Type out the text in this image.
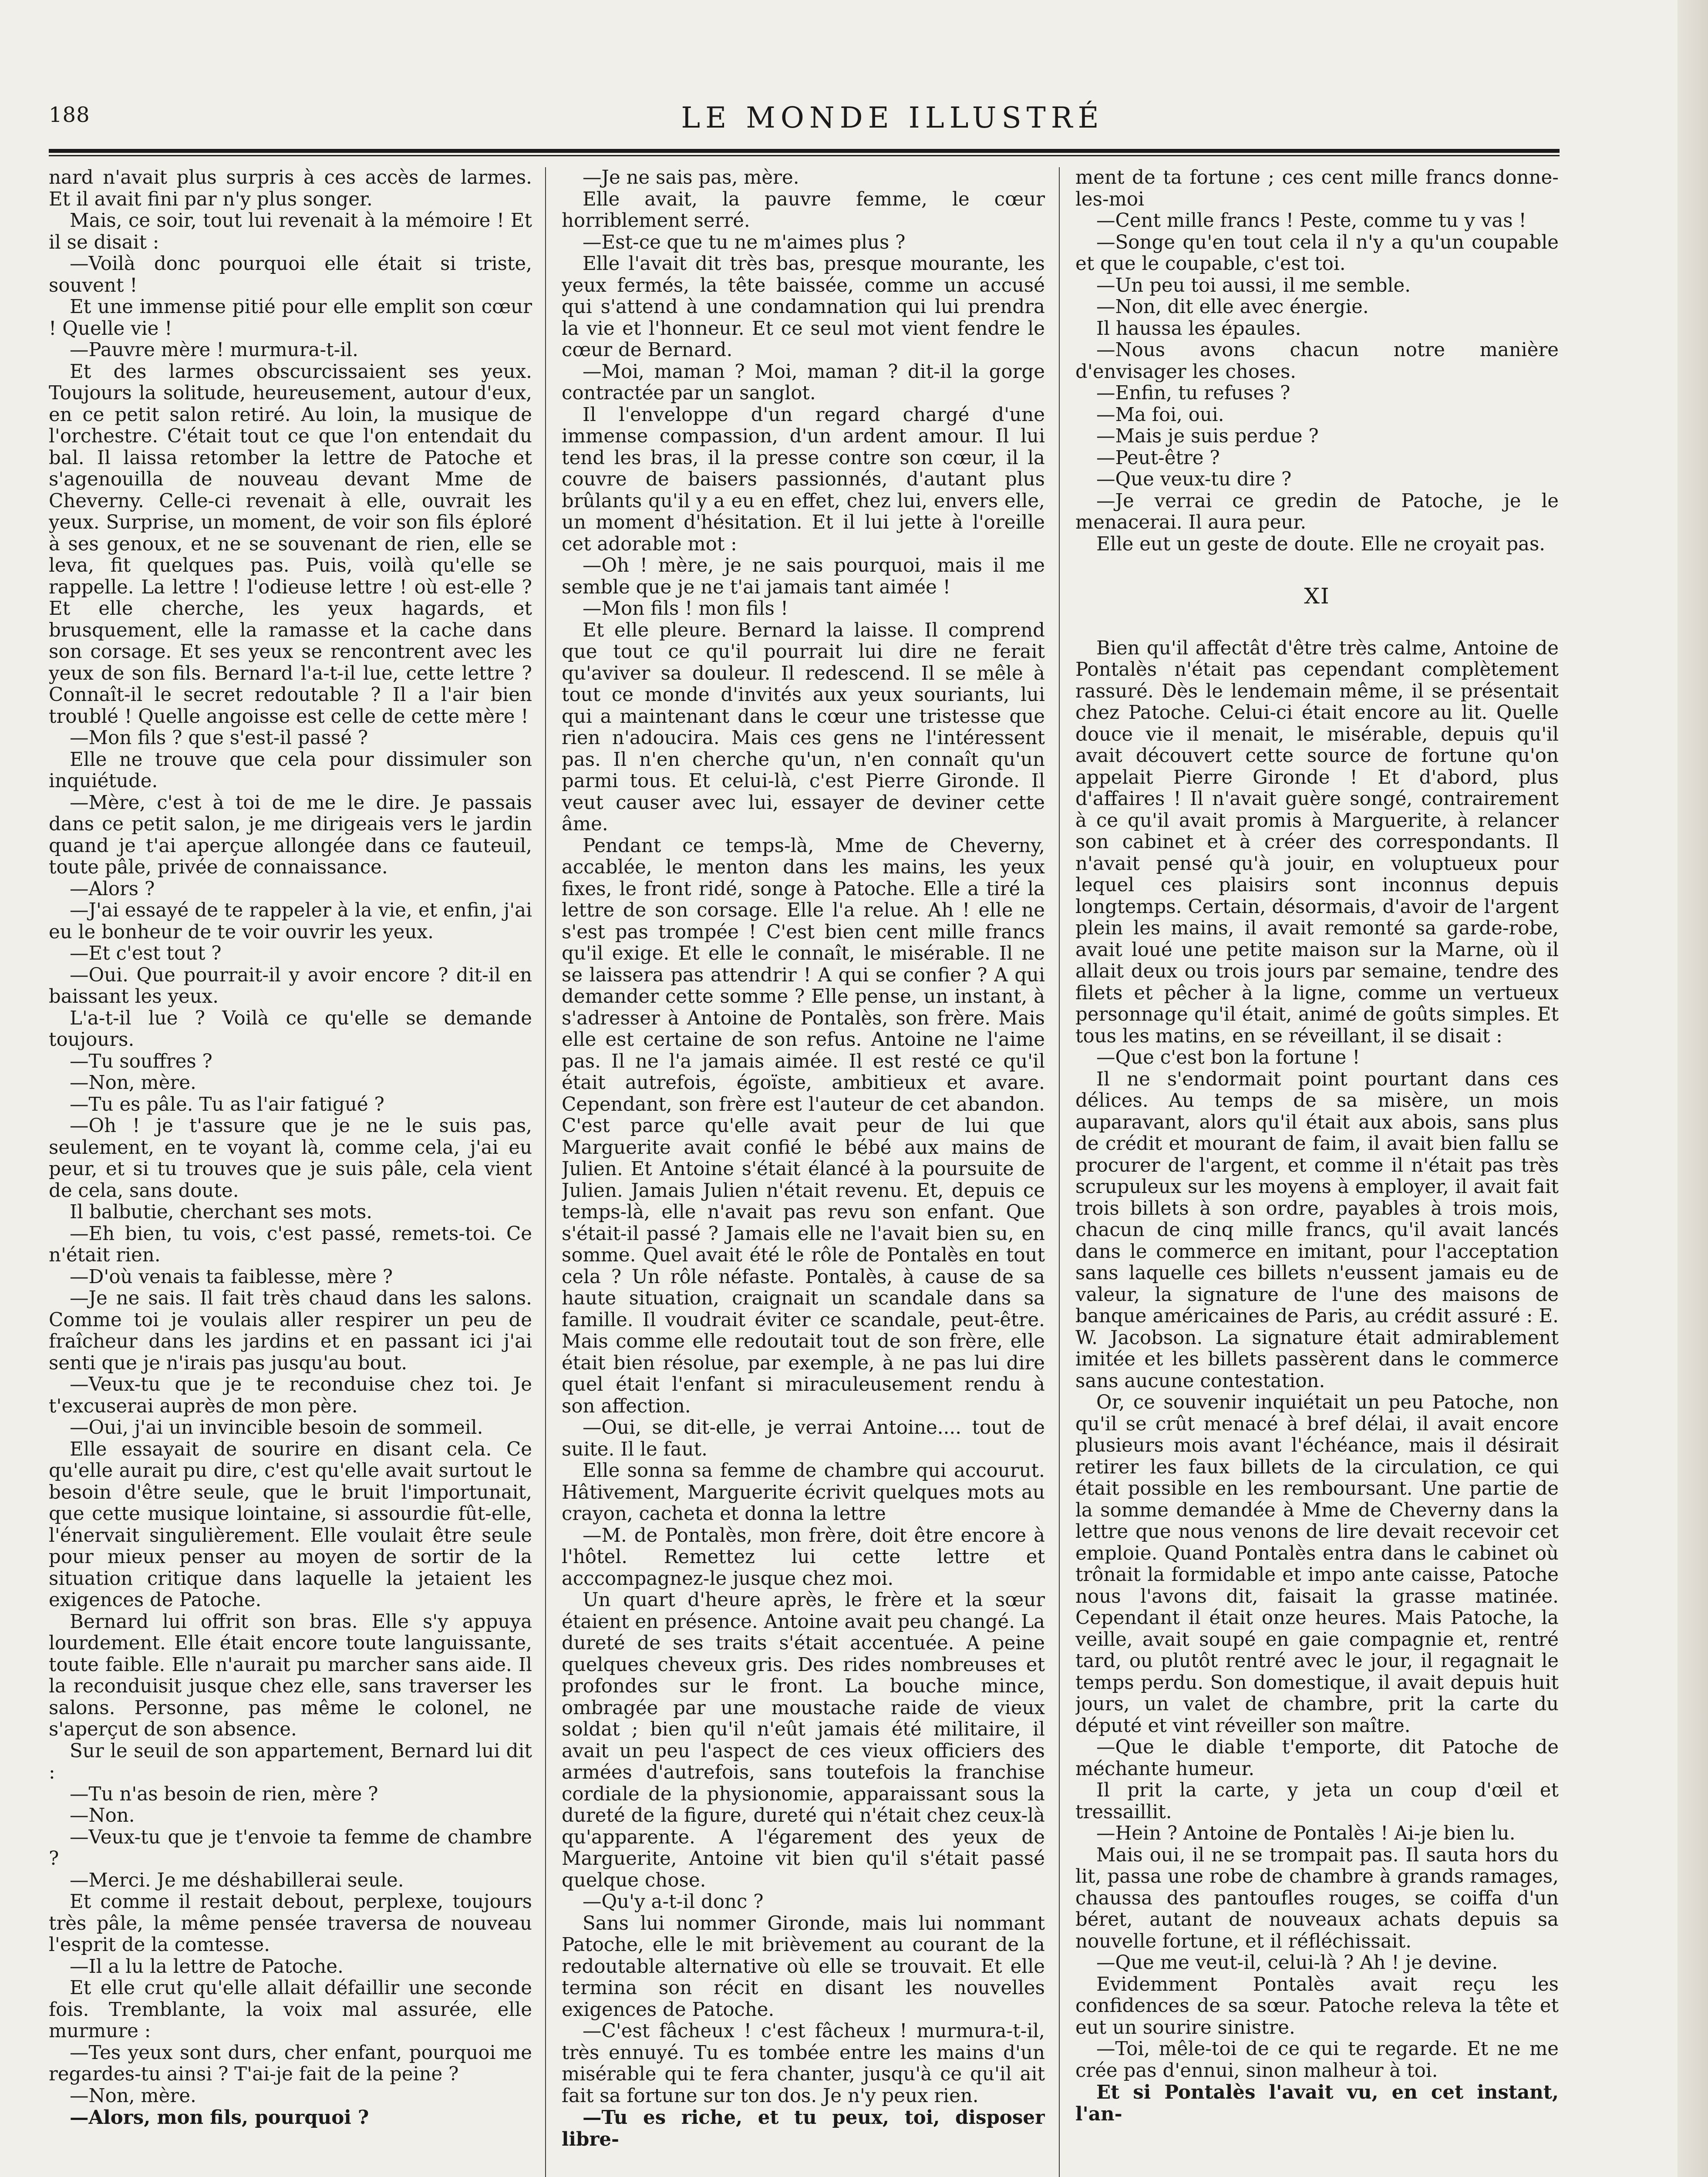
188	LE MONDE ILLUSTRÉ

nard n'avait plus surpris à ces accès de larmes. Et il avait fini par n'y plus songer.

Mais, ce soir, tout lui revenait à la mémoire ! Et il se disait :

—Voilà donc pourquoi elle était si triste, souvent !

Et une immense pitié pour elle emplit son cœur ! Quelle vie !

—Pauvre mère ! murmura-t-il.

Et des larmes obscurcissaient ses yeux. Toujours la solitude, heureusement, autour d'eux, en ce petit salon retiré. Au loin, la musique de l'orchestre. C'était tout ce que l'on entendait du bal. Il laissa retomber la lettre de Patoche et s'agenouilla de nouveau devant Mme de Cheverny. Celle-ci revenait à elle, ouvrait les yeux. Surprise, un moment, de voir son fils éploré à ses genoux, et ne se souvenant de rien, elle se leva, fit quelques pas. Puis, voilà qu'elle se rappelle. La lettre ! l'odieuse lettre ! où est-elle ? Et elle cherche, les yeux hagards, et brusquement, elle la ramasse et la cache dans son corsage. Et ses yeux se rencontrent avec les yeux de son fils. Bernard l'a-t-il lue, cette lettre ? Connaît-il le secret redoutable ? Il a l'air bien troublé ! Quelle angoisse est celle de cette mère !

—Mon fils ? que s'est-il passé ?

Elle ne trouve que cela pour dissimuler son inquiétude.

—Mère, c'est à toi de me le dire. Je passais dans ce petit salon, je me dirigeais vers le jardin quand je t'ai aperçue allongée dans ce fauteuil, toute pâle, privée de connaissance.

—Alors ?

—J'ai essayé de te rappeler à la vie, et enfin, j'ai eu le bonheur de te voir ouvrir les yeux.

—Et c'est tout ?

—Oui. Que pourrait-il y avoir encore ? dit-il en baissant les yeux.

L'a-t-il lue ? Voilà ce qu'elle se demande toujours.

—Tu souffres ?

—Non, mère.

—Tu es pâle. Tu as l'air fatigué ?

—Oh ! je t'assure que je ne le suis pas, seulement, en te voyant là, comme cela, j'ai eu peur, et si tu trouves que je suis pâle, cela vient de cela, sans doute.

Il balbutie, cherchant ses mots.

—Eh bien, tu vois, c'est passé, remets-toi. Ce n'était rien.

—D'où venais ta faiblesse, mère ?

—Je ne sais. Il fait très chaud dans les salons. Comme toi je voulais aller respirer un peu de fraîcheur dans les jardins et en passant ici j'ai senti que je n'irais pas jusqu'au bout.

—Veux-tu que je te reconduise chez toi. Je t'excuserai auprès de mon père.

—Oui, j'ai un invincible besoin de sommeil.

Elle essayait de sourire en disant cela. Ce qu'elle aurait pu dire, c'est qu'elle avait surtout le besoin d'être seule, que le bruit l'importunait, que cette musique lointaine, si assourdie fût-elle, l'énervait singulièrement. Elle voulait être seule pour mieux penser au moyen de sortir de la situation critique dans laquelle la jetaient les exigences de Patoche.

Bernard lui offrit son bras. Elle s'y appuya lourdement. Elle était encore toute languissante, toute faible. Elle n'aurait pu marcher sans aide. Il la reconduisit jusque chez elle, sans traverser les salons. Personne, pas même le colonel, ne s'aperçut de son absence.

Sur le seuil de son appartement, Bernard lui dit :

—Tu n'as besoin de rien, mère ?

—Non.

—Veux-tu que je t'envoie ta femme de chambre ?

—Merci. Je me déshabillerai seule.

Et comme il restait debout, perplexe, toujours très pâle, la même pensée traversa de nouveau l'esprit de la comtesse.

—Il a lu la lettre de Patoche.

Et elle crut qu'elle allait défaillir une seconde fois. Tremblante, la voix mal assurée, elle murmure :

—Tes yeux sont durs, cher enfant, pourquoi me regardes-tu ainsi ? T'ai-je fait de la peine ?

—Non, mère.

—Alors, mon fils, pourquoi ?

—Je ne sais pas, mère.

Elle avait, la pauvre femme, le cœur horriblement serré.

—Est-ce que tu ne m'aimes plus ?

Elle l'avait dit très bas, presque mourante, les yeux fermés, la tête baissée, comme un accusé qui s'attend à une condamnation qui lui prendra la vie et l'honneur. Et ce seul mot vient fendre le cœur de Bernard.

—Moi, maman ? Moi, maman ? dit-il la gorge contractée par un sanglot.

Il l'enveloppe d'un regard chargé d'une immense compassion, d'un ardent amour. Il lui tend les bras, il la presse contre son cœur, il la couvre de baisers passionnés, d'autant plus brûlants qu'il y a eu en effet, chez lui, envers elle, un moment d'hésitation. Et il lui jette à l'oreille cet adorable mot :

—Oh ! mère, je ne sais pourquoi, mais il me semble que je ne t'ai jamais tant aimée !

—Mon fils ! mon fils !

Et elle pleure. Bernard la laisse. Il comprend que tout ce qu'il pourrait lui dire ne ferait qu'aviver sa douleur. Il redescend. Il se mêle à tout ce monde d'invités aux yeux souriants, lui qui a maintenant dans le cœur une tristesse que rien n'adoucira. Mais ces gens ne l'intéressent pas. Il n'en cherche qu'un, n'en connaît qu'un parmi tous. Et celui-là, c'est Pierre Gironde. Il veut causer avec lui, essayer de deviner cette âme.

Pendant ce temps-là, Mme de Cheverny, accablée, le menton dans les mains, les yeux fixes, le front ridé, songe à Patoche. Elle a tiré la lettre de son corsage. Elle l'a relue. Ah ! elle ne s'est pas trompée ! C'est bien cent mille francs qu'il exige. Et elle le connaît, le misérable. Il ne se laissera pas attendrir ! A qui se confier ? A qui demander cette somme ? Elle pense, un instant, à s'adresser à Antoine de Pontalès, son frère. Mais elle est certaine de son refus. Antoine ne l'aime pas. Il ne l'a jamais aimée. Il est resté ce qu'il était autrefois, égoïste, ambitieux et avare. Cependant, son frère est l'auteur de cet abandon. C'est parce qu'elle avait peur de lui que Marguerite avait confié le bébé aux mains de Julien. Et Antoine s'était élancé à la poursuite de Julien. Jamais Julien n'était revenu. Et, depuis ce temps-là, elle n'avait pas revu son enfant. Que s'était-il passé ? Jamais elle ne l'avait bien su, en somme. Quel avait été le rôle de Pontalès en tout cela ? Un rôle néfaste. Pontalès, à cause de sa haute situation, craignait un scandale dans sa famille. Il voudrait éviter ce scandale, peut-être. Mais comme elle redoutait tout de son frère, elle était bien résolue, par exemple, à ne pas lui dire quel était l'enfant si miraculeusement rendu à son affection.

—Oui, se dit-elle, je verrai Antoine.... tout de suite. Il le faut.

Elle sonna sa femme de chambre qui accourut. Hâtivement, Marguerite écrivit quelques mots au crayon, cacheta et donna la lettre

—M. de Pontalès, mon frère, doit être encore à l'hôtel. Remettez lui cette lettre et acccompagnez-le jusque chez moi.

Un quart d'heure après, le frère et la sœur étaient en présence. Antoine avait peu changé. La dureté de ses traits s'était accentuée. A peine quelques cheveux gris. Des rides nombreuses et profondes sur le front. La bouche mince, ombragée par une moustache raide de vieux soldat ; bien qu'il n'eût jamais été militaire, il avait un peu l'aspect de ces vieux officiers des armées d'autrefois, sans toutefois la franchise cordiale de la physionomie, apparaissant sous la dureté de la figure, dureté qui n'était chez ceux-là qu'apparente. A l'égarement des yeux de Marguerite, Antoine vit bien qu'il s'était passé quelque chose.

—Qu'y a-t-il donc ?

Sans lui nommer Gironde, mais lui nommant Patoche, elle le mit brièvement au courant de la redoutable alternative où elle se trouvait. Et elle termina son récit en disant les nouvelles exigences de Patoche.

—C'est fâcheux ! c'est fâcheux ! murmura-t-il, très ennuyé. Tu es tombée entre les mains d'un misérable qui te fera chanter, jusqu'à ce qu'il ait fait sa fortune sur ton dos. Je n'y peux rien.

—Tu es riche, et tu peux, toi, disposer libre-

ment de ta fortune ; ces cent mille francs donne-les-moi

—Cent mille francs ! Peste, comme tu y vas !

—Songe qu'en tout cela il n'y a qu'un coupable et que le coupable, c'est toi.

—Un peu toi aussi, il me semble.

—Non, dit elle avec énergie.

Il haussa les épaules.

—Nous avons chacun notre manière d'envisager les choses.

—Enfin, tu refuses ?

—Ma foi, oui.

—Mais je suis perdue ?

—Peut-être ?

—Que veux-tu dire ?

—Je verrai ce gredin de Patoche, je le menacerai. Il aura peur.

Elle eut un geste de doute. Elle ne croyait pas.

XI

Bien qu'il affectât d'être très calme, Antoine de Pontalès n'était pas cependant complètement rassuré. Dès le lendemain même, il se présentait chez Patoche. Celui-ci était encore au lit. Quelle douce vie il menait, le misérable, depuis qu'il avait découvert cette source de fortune qu'on appelait Pierre Gironde ! Et d'abord, plus d'affaires ! Il n'avait guère songé, contrairement à ce qu'il avait promis à Marguerite, à relancer son cabinet et à créer des correspondants. Il n'avait pensé qu'à jouir, en voluptueux pour lequel ces plaisirs sont inconnus depuis longtemps. Certain, désormais, d'avoir de l'argent plein les mains, il avait remonté sa garde-robe, avait loué une petite maison sur la Marne, où il allait deux ou trois jours par semaine, tendre des filets et pêcher à la ligne, comme un vertueux personnage qu'il était, animé de goûts simples. Et tous les matins, en se réveillant, il se disait :

—Que c'est bon la fortune !

Il ne s'endormait point pourtant dans ces délices. Au temps de sa misère, un mois auparavant, alors qu'il était aux abois, sans plus de crédit et mourant de faim, il avait bien fallu se procurer de l'argent, et comme il n'était pas très scrupuleux sur les moyens à employer, il avait fait trois billets à son ordre, payables à trois mois, chacun de cinq mille francs, qu'il avait lancés dans le commerce en imitant, pour l'acceptation sans laquelle ces billets n'eussent jamais eu de valeur, la signature de l'une des maisons de banque américaines de Paris, au crédit assuré : E. W. Jacobson. La signature était admirablement imitée et les billets passèrent dans le commerce sans aucune contestation.

Or, ce souvenir inquiétait un peu Patoche, non qu'il se crût menacé à bref délai, il avait encore plusieurs mois avant l'échéance, mais il désirait retirer les faux billets de la circulation, ce qui était possible en les remboursant. Une partie de la somme demandée à Mme de Cheverny dans la lettre que nous venons de lire devait recevoir cet emploie. Quand Pontalès entra dans le cabinet où trônait la formidable et impo ante caisse, Patoche nous l'avons dit, faisait la grasse matinée. Cependant il était onze heures. Mais Patoche, la veille, avait soupé en gaie compagnie et, rentré tard, ou plutôt rentré avec le jour, il regagnait le temps perdu. Son domestique, il avait depuis huit jours, un valet de chambre, prit la carte du député et vint réveiller son maître.

—Que le diable t'emporte, dit Patoche de méchante humeur.

Il prit la carte, y jeta un coup d'œil et tressaillit.

—Hein ? Antoine de Pontalès ! Ai-je bien lu.

Mais oui, il ne se trompait pas. Il sauta hors du lit, passa une robe de chambre à grands ramages, chaussa des pantoufles rouges, se coiffa d'un béret, autant de nouveaux achats depuis sa nouvelle fortune, et il réfléchissait.

—Que me veut-il, celui-là ? Ah ! je devine.

Evidemment Pontalès avait reçu les confidences de sa sœur. Patoche releva la tête et eut un sourire sinistre.

—Toi, mêle-toi de ce qui te regarde. Et ne me crée pas d'ennui, sinon malheur à toi.

Et si Pontalès l'avait vu, en cet instant, l'an-
